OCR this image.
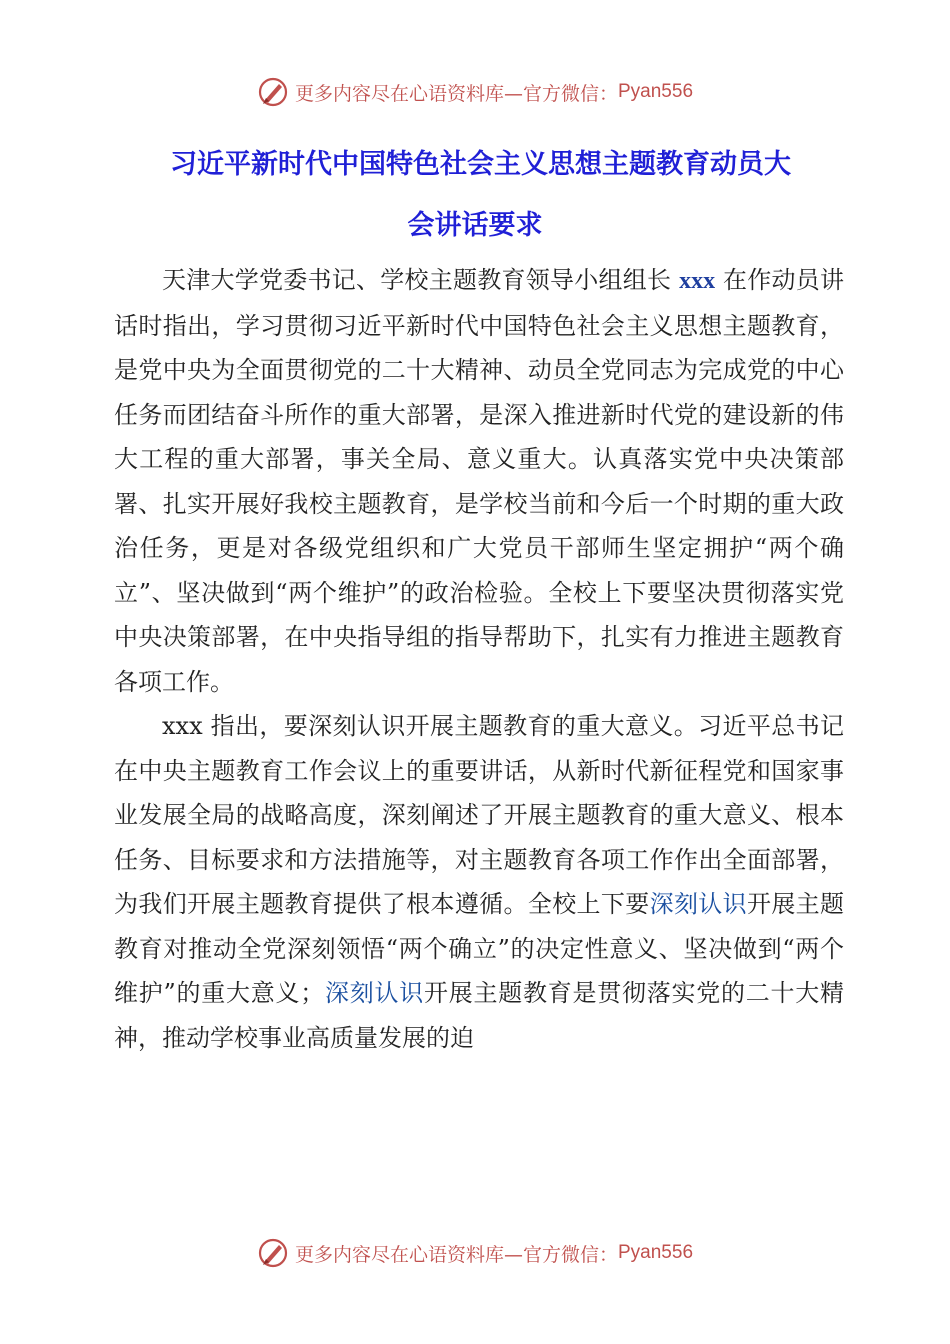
更多内容尽在心语资料库—官方微信： Pyan556
习近平新时代中国特色社会主义思想主题教育动员大
会讲话要求

天津大学党委书记、学校主题教育领导小组组长 xxx 在作动员讲话时指出，学习贯彻习近平新时代中国特色社会主义思想主题教育，是党中央为全面贯彻党的二十大精神、动员全党同志为完成党的中心任务而团结奋斗所作的重大部署，是深入推进新时代党的建设新的伟大工程的重大部署，事关全局、意义重大。认真落实党中央决策部署、扎实开展好我校主题教育，是学校当前和今后一个时期的重大政治任务，更是对各级党组织和广大党员干部师生坚定拥护“两个确立”、坚决做到“两个维护”的政治检验。全校上下要坚决贯彻落实党中央决策部署，在中央指导组的指导帮助下，扎实有力推进主题教育各项工作。

xxx 指出，要深刻认识开展主题教育的重大意义。习近平总书记在中央主题教育工作会议上的重要讲话，从新时代新征程党和国家事业发展全局的战略高度，深刻阐述了开展主题教育的重大意义、根本任务、目标要求和方法措施等，对主题教育各项工作作出全面部署，为我们开展主题教育提供了根本遵循。全校上下要深刻认识开展主题教育对推动全党深刻领悟“两个确立”的决定性意义、坚决做到“两个维护”的重大意义；深刻认识开展主题教育是贯彻落实党的二十大精神，推动学校事业高质量发展的迫

更多内容尽在心语资料库—官方微信： Pyan556
